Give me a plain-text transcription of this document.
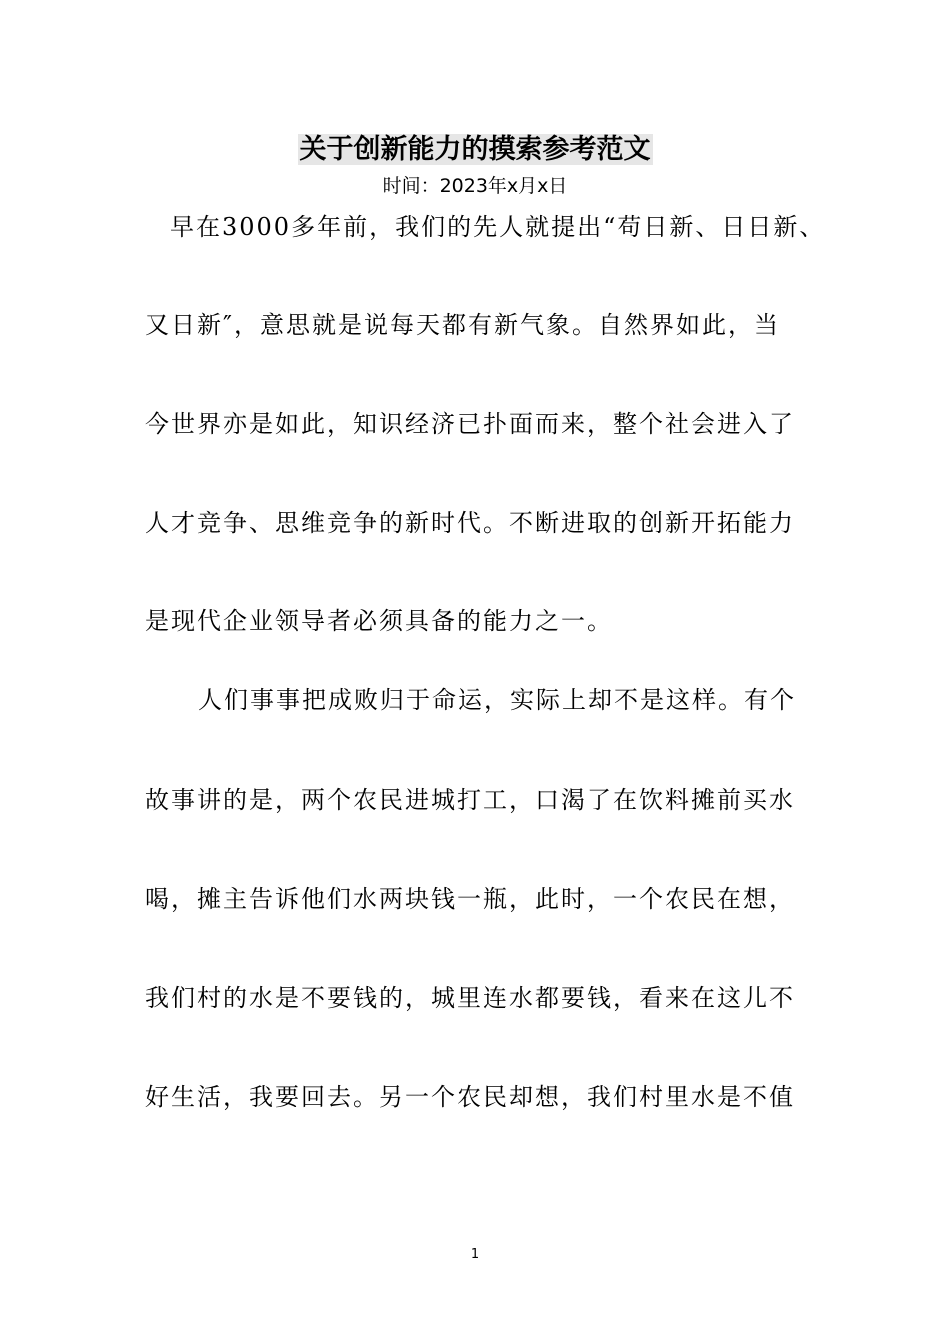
关于创新能力的摸索参考范文
时间：2023年x月x日
早在3000多年前，我们的先人就提出“苟日新、日日新、
又日新″，意思就是说每天都有新气象。自然界如此，当
今世界亦是如此，知识经济已扑面而来，整个社会进入了
人才竞争、思维竞争的新时代。不断进取的创新开拓能力
是现代企业领导者必须具备的能力之一。
人们事事把成败归于命运，实际上却不是这样。有个
故事讲的是，两个农民进城打工，口渴了在饮料摊前买水
喝，摊主告诉他们水两块钱一瓶，此时，一个农民在想，
我们村的水是不要钱的，城里连水都要钱，看来在这儿不
好生活，我要回去。另一个农民却想，我们村里水是不值
1
